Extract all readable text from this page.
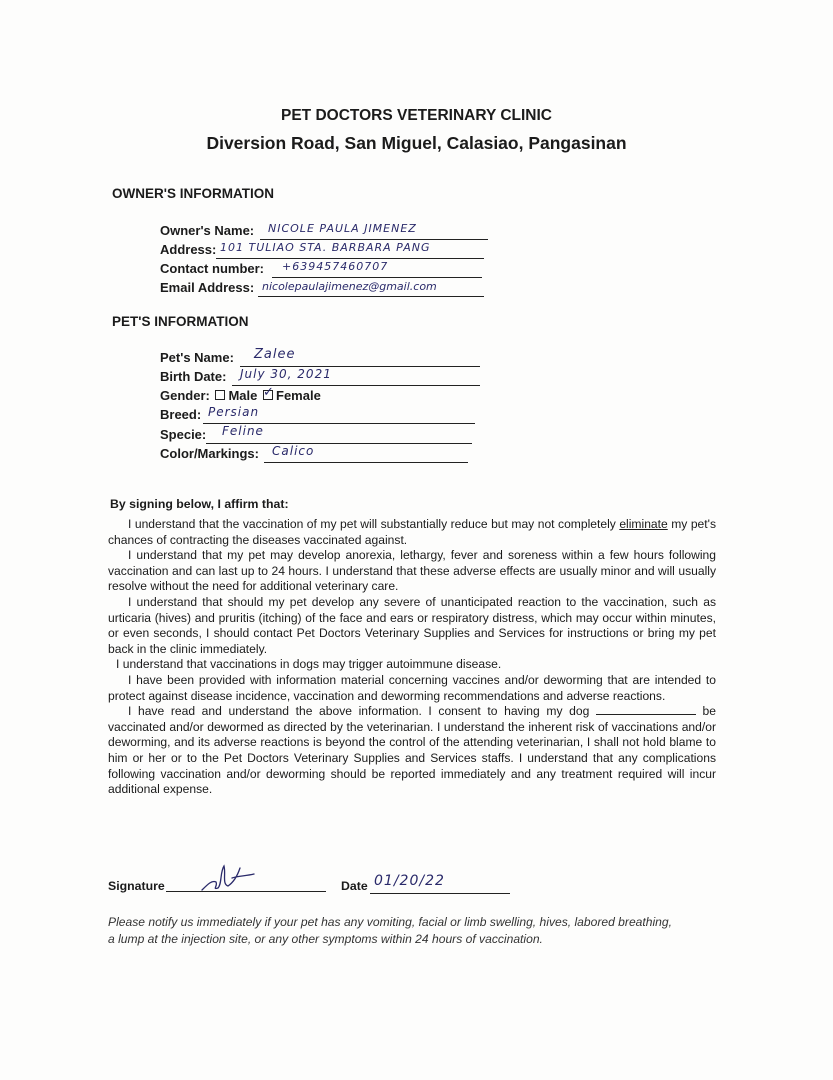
PET DOCTORS VETERINARY CLINIC
Diversion Road, San Miguel, Calasiao, Pangasinan
OWNER'S INFORMATION
Owner's Name: NICOLE PAULA JIMENEZ
Address: 101 TULIAO STA. BARBARA PANG
Contact number: +639457460707
Email Address: nicolepaulajimenez@gmail.com
PET'S INFORMATION
Pet's Name: Zalee
Birth Date: July 30, 2021
Gender: Male ✓ Female
Breed: Persian
Specie: Feline
Color/Markings: Calico
By signing below, I affirm that:

I understand that the vaccination of my pet will substantially reduce but may not completely eliminate my pet's chances of contracting the diseases vaccinated against.

I understand that my pet may develop anorexia, lethargy, fever and soreness within a few hours following vaccination and can last up to 24 hours. I understand that these adverse effects are usually minor and will usually resolve without the need for additional veterinary care.

I understand that should my pet develop any severe of unanticipated reaction to the vaccination, such as urticaria (hives) and pruritis (itching) of the face and ears or respiratory distress, which may occur within minutes, or even seconds, I should contact Pet Doctors Veterinary Supplies and Services for instructions or bring my pet back in the clinic immediately.

I understand that vaccinations in dogs may trigger autoimmune disease.

I have been provided with information material concerning vaccines and/or deworming that are intended to protect against disease incidence, vaccination and deworming recommendations and adverse reactions.

I have read and understand the above information. I consent to having my dog	be vaccinated and/or dewormed as directed by the veterinarian. I understand the inherent risk of vaccinations and/or deworming, and its adverse reactions is beyond the control of the attending veterinarian, I shall not hold blame to him or her or to the Pet Doctors Veterinary Supplies and Services staffs. I understand that any complications following vaccination and/or deworming should be reported immediately and any treatment required will incur additional expense.

Signature	Date 01/20/22
Please notify us immediately if your pet has any vomiting, facial or limb swelling, hives, labored breathing, a lump at the injection site, or any other symptoms within 24 hours of vaccination.
